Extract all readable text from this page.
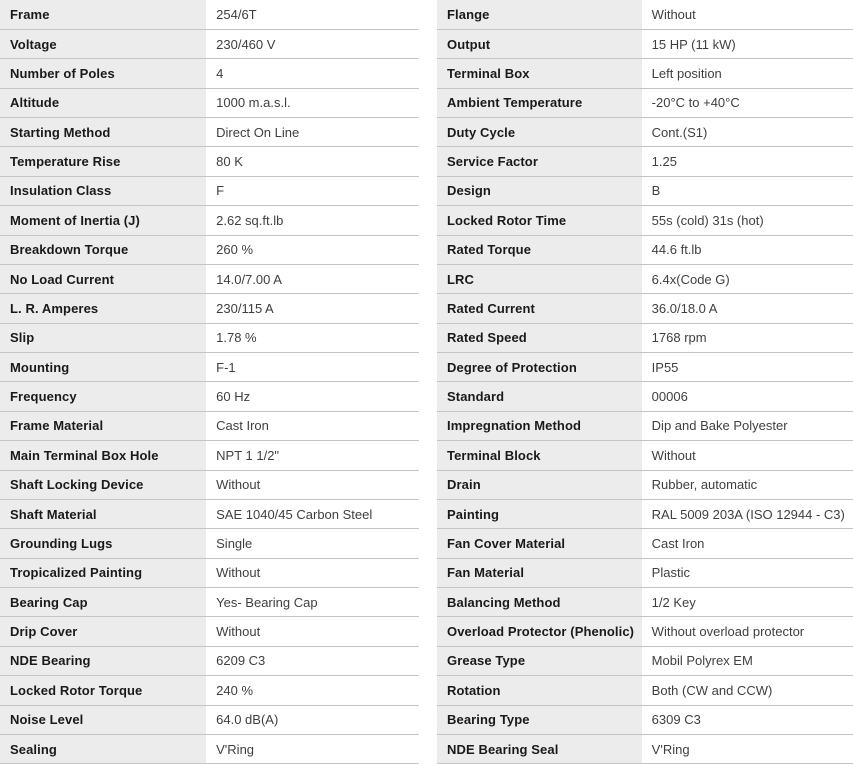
Frame	254/6T
Voltage	230/460 V
Number of Poles	4
Altitude	1000 m.a.s.l.
Starting Method	Direct On Line
Temperature Rise	80 K
Insulation Class	F
Moment of Inertia (J)	2.62 sq.ft.lb
Breakdown Torque	260 %
No Load Current	14.0/7.00 A
L. R. Amperes	230/115 A
Slip	1.78 %
Mounting	F-1
Frequency	60 Hz
Frame Material	Cast Iron
Main Terminal Box Hole	NPT 1 1/2"
Shaft Locking Device	Without
Shaft Material	SAE 1040/45 Carbon Steel
Grounding Lugs	Single
Tropicalized Painting	Without
Bearing Cap	Yes- Bearing Cap
Drip Cover	Without
NDE Bearing	6209 C3
Locked Rotor Torque	240 %
Noise Level	64.0 dB(A)
Sealing	V'Ring
Flange	Without
Output	15 HP (11 kW)
Terminal Box	Left position
Ambient Temperature	-20°C to +40°C
Duty Cycle	Cont.(S1)
Service Factor	1.25
Design	B
Locked Rotor Time	55s (cold) 31s (hot)
Rated Torque	44.6 ft.lb
LRC	6.4x(Code G)
Rated Current	36.0/18.0 A
Rated Speed	1768 rpm
Degree of Protection	IP55
Standard	00006
Impregnation Method	Dip and Bake Polyester
Terminal Block	Without
Drain	Rubber, automatic
Painting	RAL 5009 203A (ISO 12944 - C3)
Fan Cover Material	Cast Iron
Fan Material	Plastic
Balancing Method	1/2 Key
Overload Protector (Phenolic)	Without overload protector
Grease Type	Mobil Polyrex EM
Rotation	Both (CW and CCW)
Bearing Type	6309 C3
NDE Bearing Seal	V'Ring
